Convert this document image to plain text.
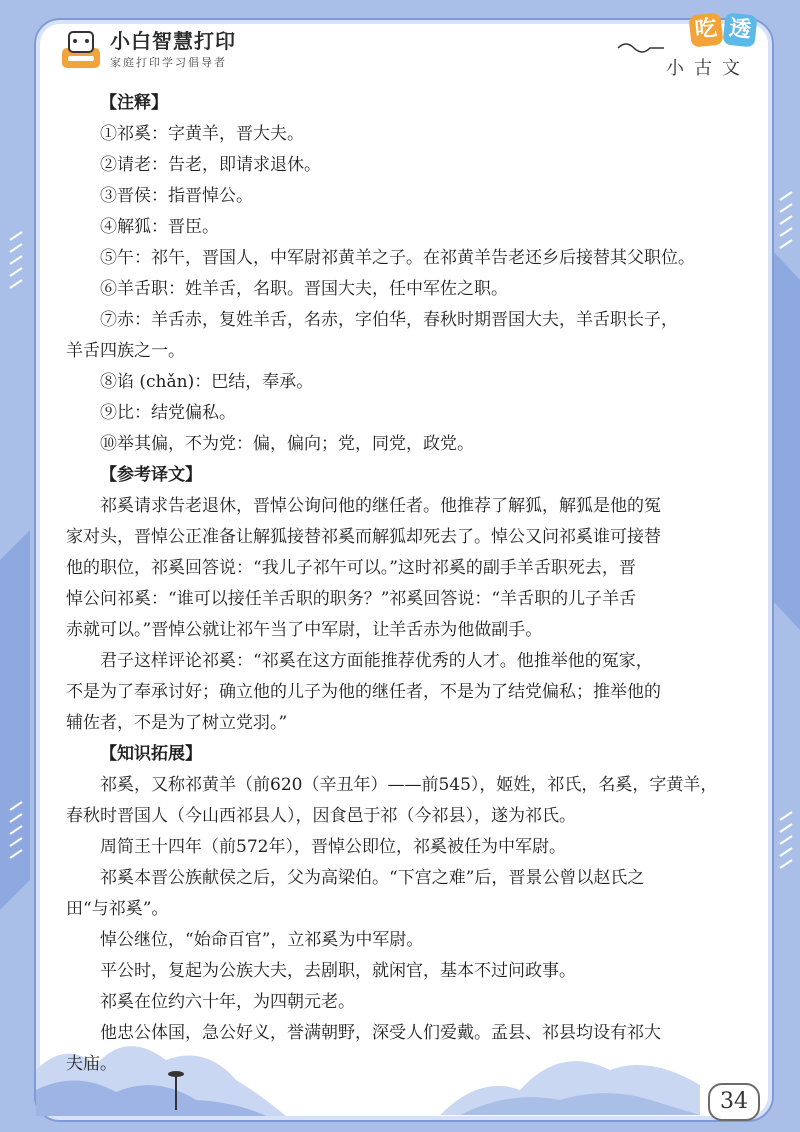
小白智慧打印
家庭打印学习倡导者
吃 透
小古文
【注释】
①祁奚：字黄羊，晋大夫。
②请老：告老，即请求退休。
③晋侯：指晋悼公。
④解狐：晋臣。
⑤午：祁午，晋国人，中军尉祁黄羊之子。在祁黄羊告老还乡后接替其父职位。
⑥羊舌职：姓羊舌，名职。晋国大夫，任中军佐之职。
⑦赤：羊舌赤，复姓羊舌，名赤，字伯华，春秋时期晋国大夫，羊舌职长子，
羊舌四族之一。
⑧谄 (chǎn)：巴结，奉承。
⑨比：结党偏私。
⑩举其偏，不为党：偏，偏向；党，同党，政党。
【参考译文】
祁奚请求告老退休，晋悼公询问他的继任者。他推荐了解狐，解狐是他的冤
家对头，晋悼公正准备让解狐接替祁奚而解狐却死去了。悼公又问祁奚谁可接替
他的职位，祁奚回答说：“我儿子祁午可以。”这时祁奚的副手羊舌职死去，晋
悼公问祁奚：“谁可以接任羊舌职的职务？”祁奚回答说：“羊舌职的儿子羊舌
赤就可以。”晋悼公就让祁午当了中军尉，让羊舌赤为他做副手。
君子这样评论祁奚：“祁奚在这方面能推荐优秀的人才。他推举他的冤家，
不是为了奉承讨好；确立他的儿子为他的继任者，不是为了结党偏私；推举他的
辅佐者，不是为了树立党羽。”
【知识拓展】
祁奚，又称祁黄羊（前620（辛丑年）——前545），姬姓，祁氏，名奚，字黄羊，
春秋时晋国人（今山西祁县人），因食邑于祁（今祁县），遂为祁氏。
周简王十四年（前572年），晋悼公即位，祁奚被任为中军尉。
祁奚本晋公族献侯之后，父为高梁伯。“下宫之难”后，晋景公曾以赵氏之
田“与祁奚”。
悼公继位，“始命百官”，立祁奚为中军尉。
平公时，复起为公族大夫，去剧职，就闲官，基本不过问政事。
祁奚在位约六十年，为四朝元老。
他忠公体国，急公好义，誉满朝野，深受人们爱戴。孟县、祁县均设有祁大
夫庙。
34
